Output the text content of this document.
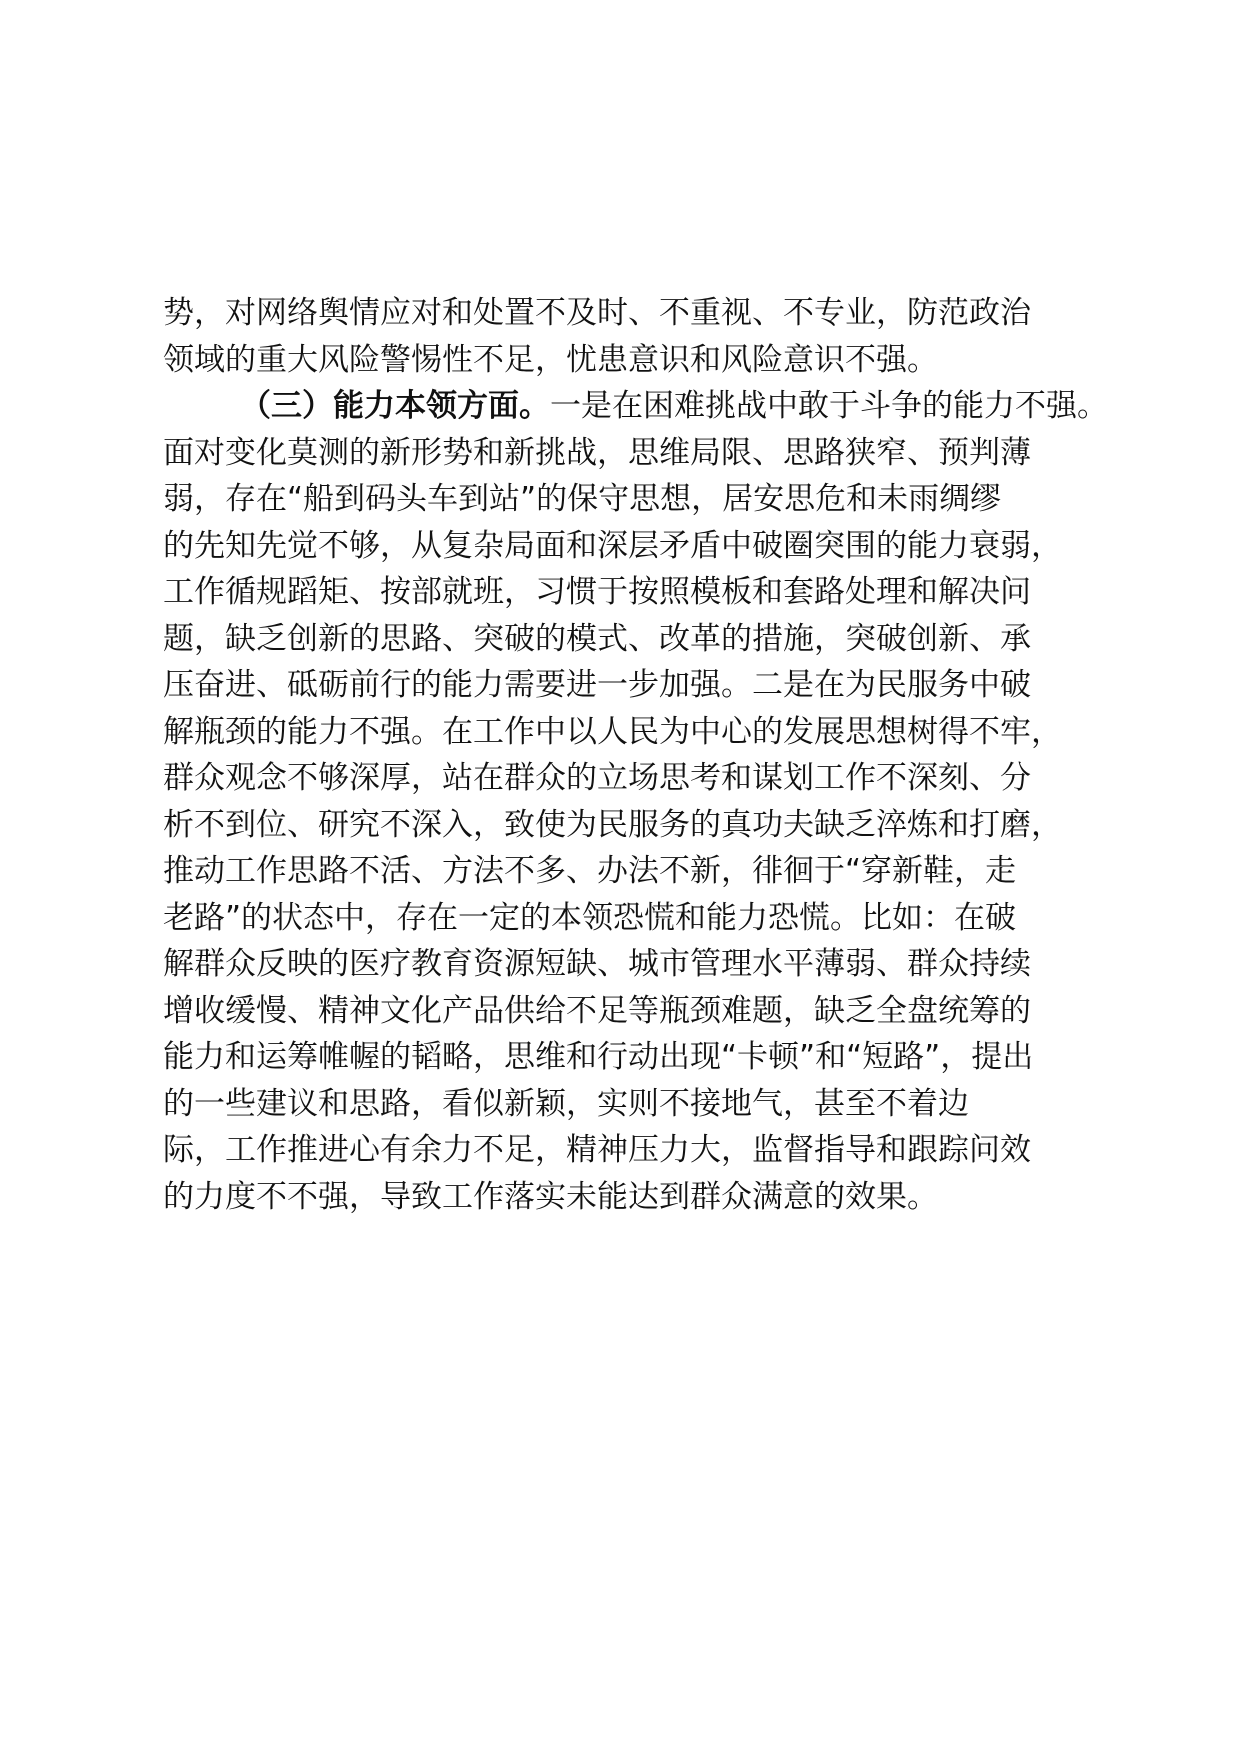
势，对网络舆情应对和处置不及时、不重视、不专业，防范政治
领域的重大风险警惕性不足，忧患意识和风险意识不强。
（三）能力本领方面。一是在困难挑战中敢于斗争的能力不强。
面对变化莫测的新形势和新挑战，思维局限、思路狭窄、预判薄
弱，存在“船到码头车到站”的保守思想，居安思危和未雨绸缪
的先知先觉不够，从复杂局面和深层矛盾中破圈突围的能力衰弱，
工作循规蹈矩、按部就班，习惯于按照模板和套路处理和解决问
题，缺乏创新的思路、突破的模式、改革的措施，突破创新、承
压奋进、砥砺前行的能力需要进一步加强。二是在为民服务中破
解瓶颈的能力不强。在工作中以人民为中心的发展思想树得不牢，
群众观念不够深厚，站在群众的立场思考和谋划工作不深刻、分
析不到位、研究不深入，致使为民服务的真功夫缺乏淬炼和打磨，
推动工作思路不活、方法不多、办法不新，徘徊于“穿新鞋，走
老路”的状态中，存在一定的本领恐慌和能力恐慌。比如：在破
解群众反映的医疗教育资源短缺、城市管理水平薄弱、群众持续
增收缓慢、精神文化产品供给不足等瓶颈难题，缺乏全盘统筹的
能力和运筹帷幄的韬略，思维和行动出现“卡顿”和“短路”，提出
的一些建议和思路，看似新颖，实则不接地气，甚至不着边
际，工作推进心有余力不足，精神压力大，监督指导和跟踪问效
的力度不不强，导致工作落实未能达到群众满意的效果。
